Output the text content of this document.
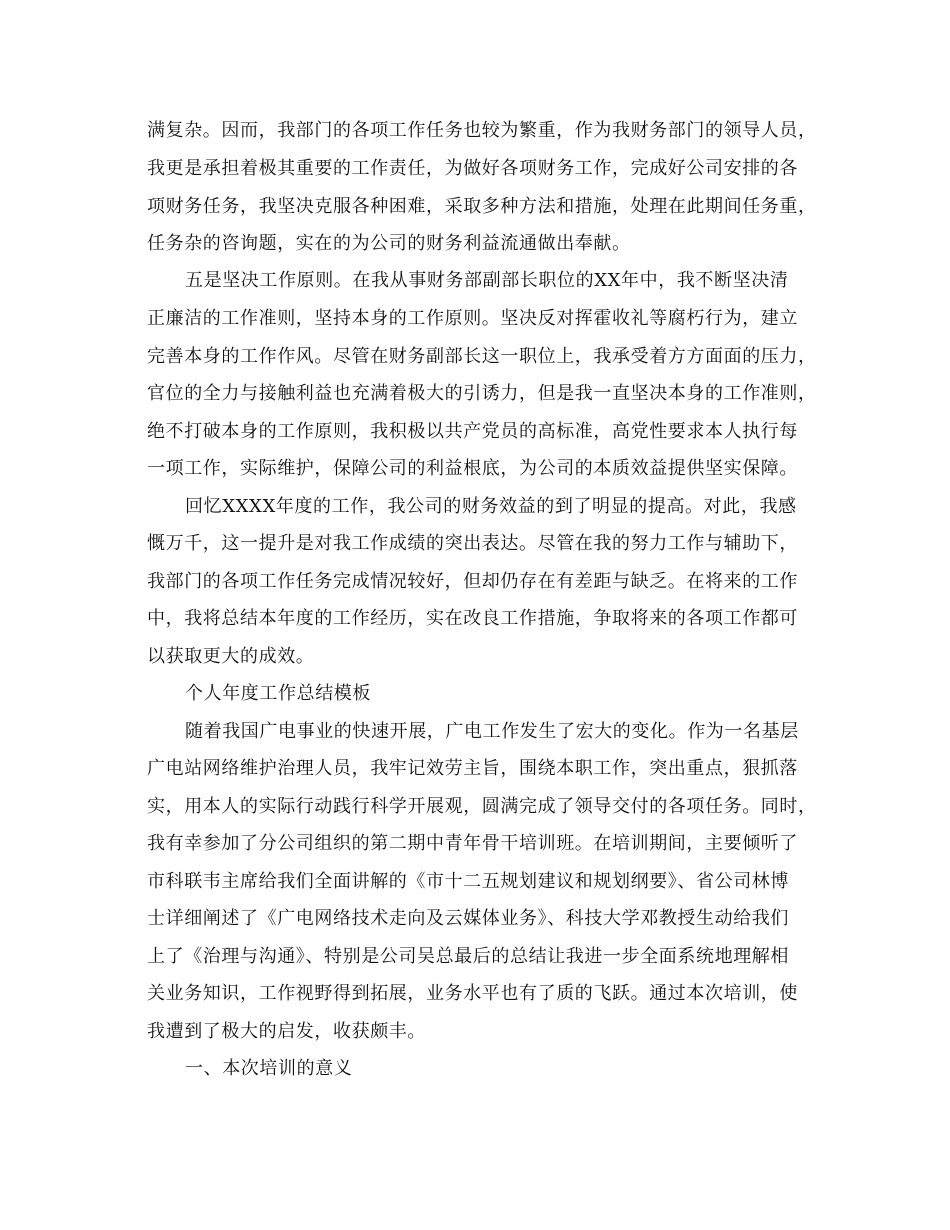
满复杂。因而，我部门的各项工作任务也较为繁重，作为我财务部门的领导人员，
我更是承担着极其重要的工作责任，为做好各项财务工作，完成好公司安排的各
项财务任务，我坚决克服各种困难，采取多种方法和措施，处理在此期间任务重，
任务杂的咨询题，实在的为公司的财务利益流通做出奉献。
五是坚决工作原则。在我从事财务部副部长职位的XX年中，我不断坚决清
正廉洁的工作准则，坚持本身的工作原则。坚决反对挥霍收礼等腐朽行为，建立
完善本身的工作作风。尽管在财务副部长这一职位上，我承受着方方面面的压力，
官位的全力与接触利益也充满着极大的引诱力，但是我一直坚决本身的工作准则，
绝不打破本身的工作原则，我积极以共产党员的高标准，高党性要求本人执行每
一项工作，实际维护，保障公司的利益根底，为公司的本质效益提供坚实保障。
回忆XXXX年度的工作，我公司的财务效益的到了明显的提高。对此，我感
慨万千，这一提升是对我工作成绩的突出表达。尽管在我的努力工作与辅助下，
我部门的各项工作任务完成情况较好，但却仍存在有差距与缺乏。在将来的工作
中，我将总结本年度的工作经历，实在改良工作措施，争取将来的各项工作都可
以获取更大的成效。
个人年度工作总结模板
随着我国广电事业的快速开展，广电工作发生了宏大的变化。作为一名基层
广电站网络维护治理人员，我牢记效劳主旨，围绕本职工作，突出重点，狠抓落
实，用本人的实际行动践行科学开展观，圆满完成了领导交付的各项任务。同时，
我有幸参加了分公司组织的第二期中青年骨干培训班。在培训期间，主要倾听了
市科联韦主席给我们全面讲解的《市十二五规划建议和规划纲要》、省公司林博
士详细阐述了《广电网络技术走向及云媒体业务》、科技大学邓教授生动给我们
上了《治理与沟通》、特别是公司吴总最后的总结让我进一步全面系统地理解相
关业务知识，工作视野得到拓展，业务水平也有了质的飞跃。通过本次培训，使
我遭到了极大的启发，收获颇丰。
一、本次培训的意义
